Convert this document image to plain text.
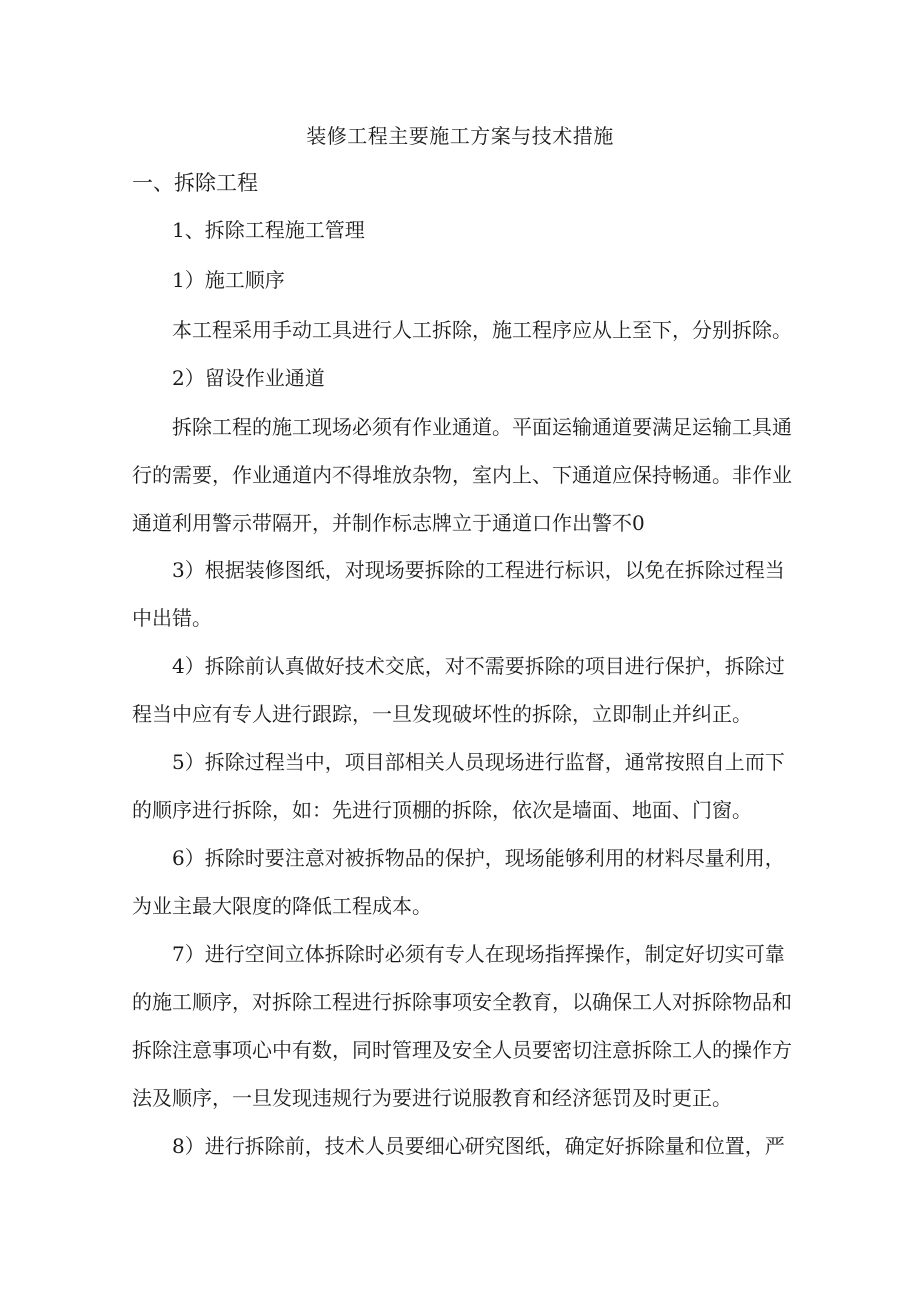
装修工程主要施工方案与技术措施
一、拆除工程
1、拆除工程施工管理
1）施工顺序
本工程采用手动工具进行人工拆除，施工程序应从上至下，分别拆除。
2）留设作业通道
拆除工程的施工现场必须有作业通道。平面运输通道要满足运输工具通
行的需要，作业通道内不得堆放杂物，室内上、下通道应保持畅通。非作业
通道利用警示带隔开，并制作标志牌立于通道口作出警不0
3）根据装修图纸，对现场要拆除的工程进行标识，以免在拆除过程当
中出错。
4）拆除前认真做好技术交底，对不需要拆除的项目进行保护，拆除过
程当中应有专人进行跟踪，一旦发现破坏性的拆除，立即制止并纠正。
5）拆除过程当中，项目部相关人员现场进行监督，通常按照自上而下
的顺序进行拆除，如：先进行顶棚的拆除，依次是墙面、地面、门窗。
6）拆除时要注意对被拆物品的保护，现场能够利用的材料尽量利用，
为业主最大限度的降低工程成本。
7）进行空间立体拆除时必须有专人在现场指挥操作，制定好切实可靠
的施工顺序，对拆除工程进行拆除事项安全教育，以确保工人对拆除物品和
拆除注意事项心中有数，同时管理及安全人员要密切注意拆除工人的操作方
法及顺序，一旦发现违规行为要进行说服教育和经济惩罚及时更正。
8）进行拆除前，技术人员要细心研究图纸，确定好拆除量和位置，严
